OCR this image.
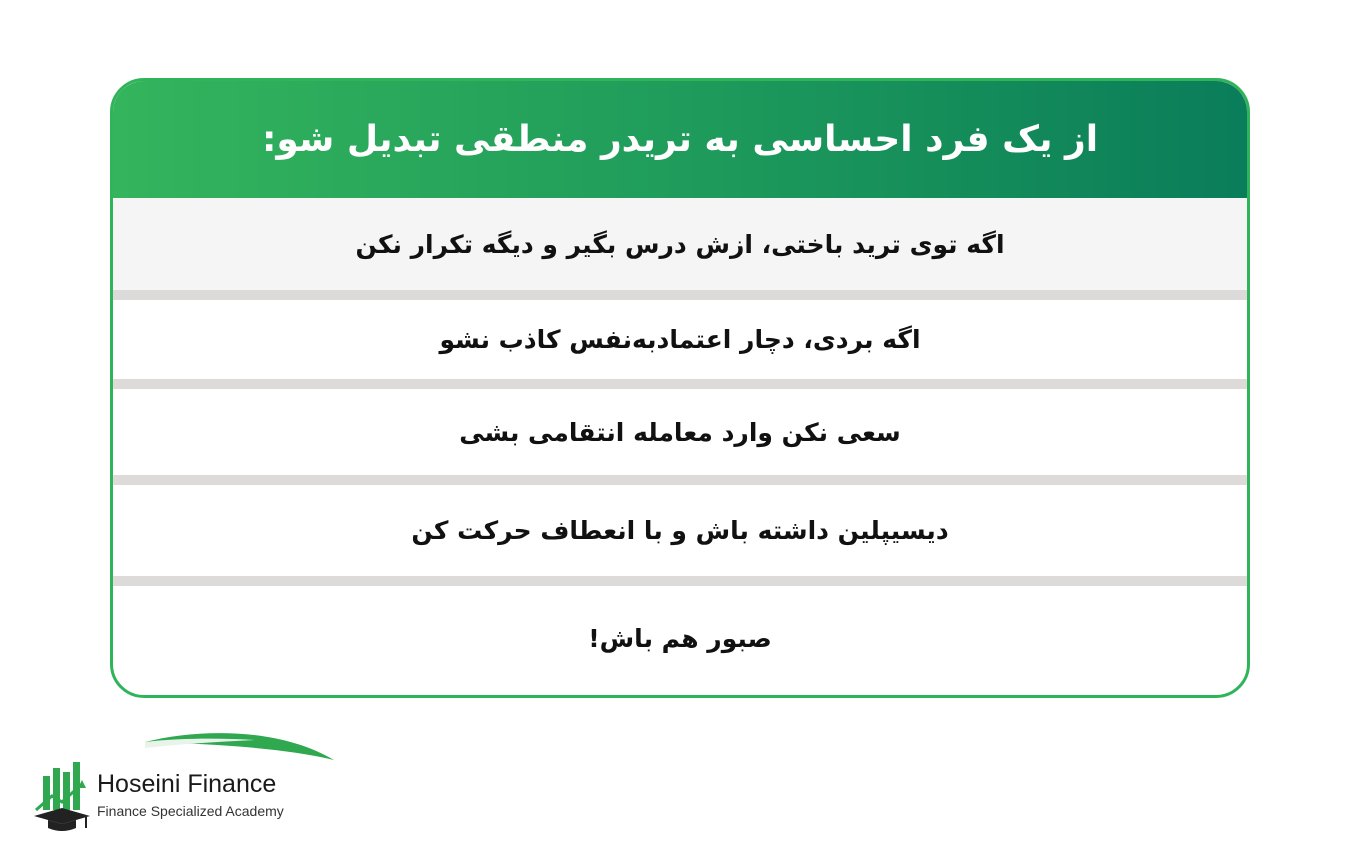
از یک فرد احساسی به تریدر منطقی تبدیل شو:
اگه توی ترید باختی، ازش درس بگیر و دیگه تکرار نکن
اگه بردی، دچار اعتمادبه‌نفس کاذب نشو
سعی نکن وارد معامله انتقامی بشی
دیسیپلین داشته باش و با انعطاف حرکت کن
صبور هم باش!
Hoseini Finance
Finance Specialized Academy
